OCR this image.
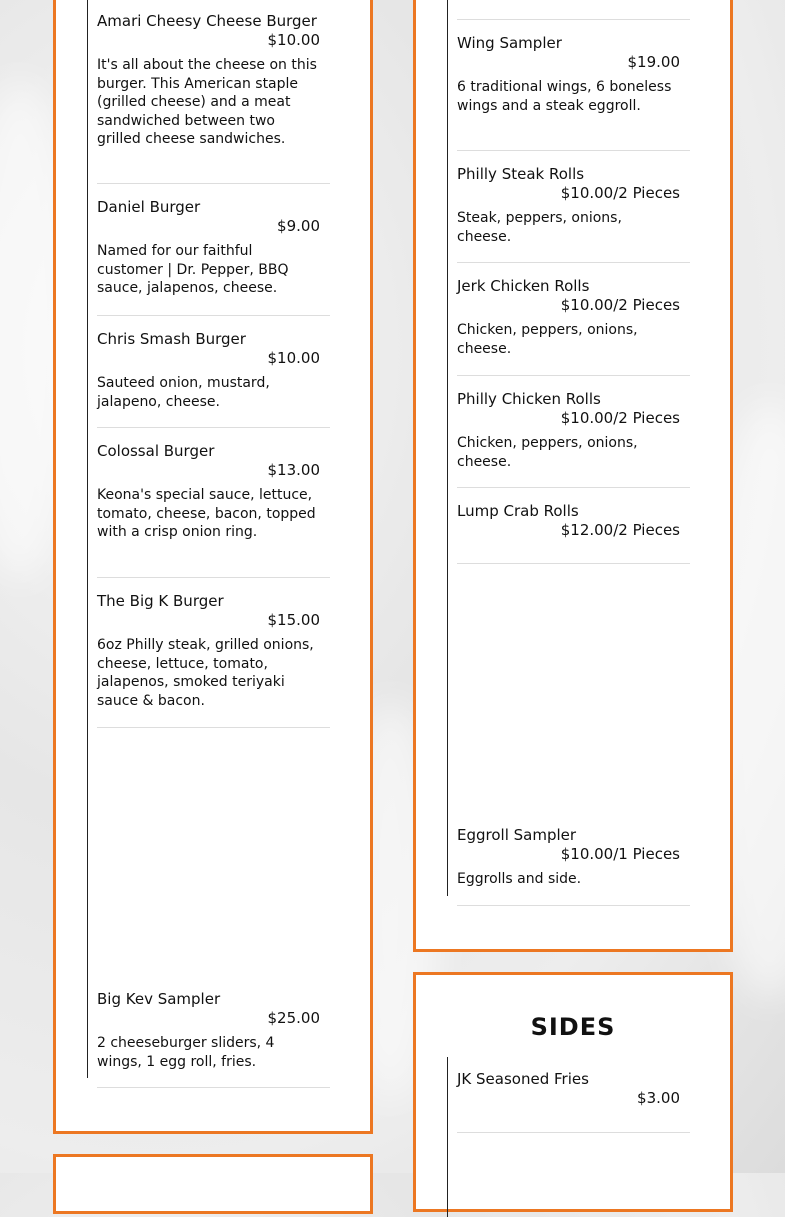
Amari Cheesy Cheese Burger
$10.00
It's all about the cheese on this burger. This American staple (grilled cheese) and a meat sandwiched between two grilled cheese sandwiches.
Daniel Burger
$9.00
Named for our faithful customer | Dr. Pepper, BBQ sauce, jalapenos, cheese.
Chris Smash Burger
$10.00
Sauteed onion, mustard, jalapeno, cheese.
Colossal Burger
$13.00
Keona's special sauce, lettuce, tomato, cheese, bacon, topped with a crisp onion ring.
The Big K Burger
$15.00
6oz Philly steak, grilled onions, cheese, lettuce, tomato, jalapenos, smoked teriyaki sauce & bacon.
Big Kev Sampler
$25.00
2 cheeseburger sliders, 4 wings, 1 egg roll, fries.
Wing Sampler
$19.00
6 traditional wings, 6 boneless wings and a steak eggroll.
Philly Steak Rolls
$10.00/2 Pieces
Steak, peppers, onions, cheese.
Jerk Chicken Rolls
$10.00/2 Pieces
Chicken, peppers, onions, cheese.
Philly Chicken Rolls
$10.00/2 Pieces
Chicken, peppers, onions, cheese.
Lump Crab Rolls
$12.00/2 Pieces
Eggroll Sampler
$10.00/1 Pieces
Eggrolls and side.
SIDES
JK Seasoned Fries
$3.00
